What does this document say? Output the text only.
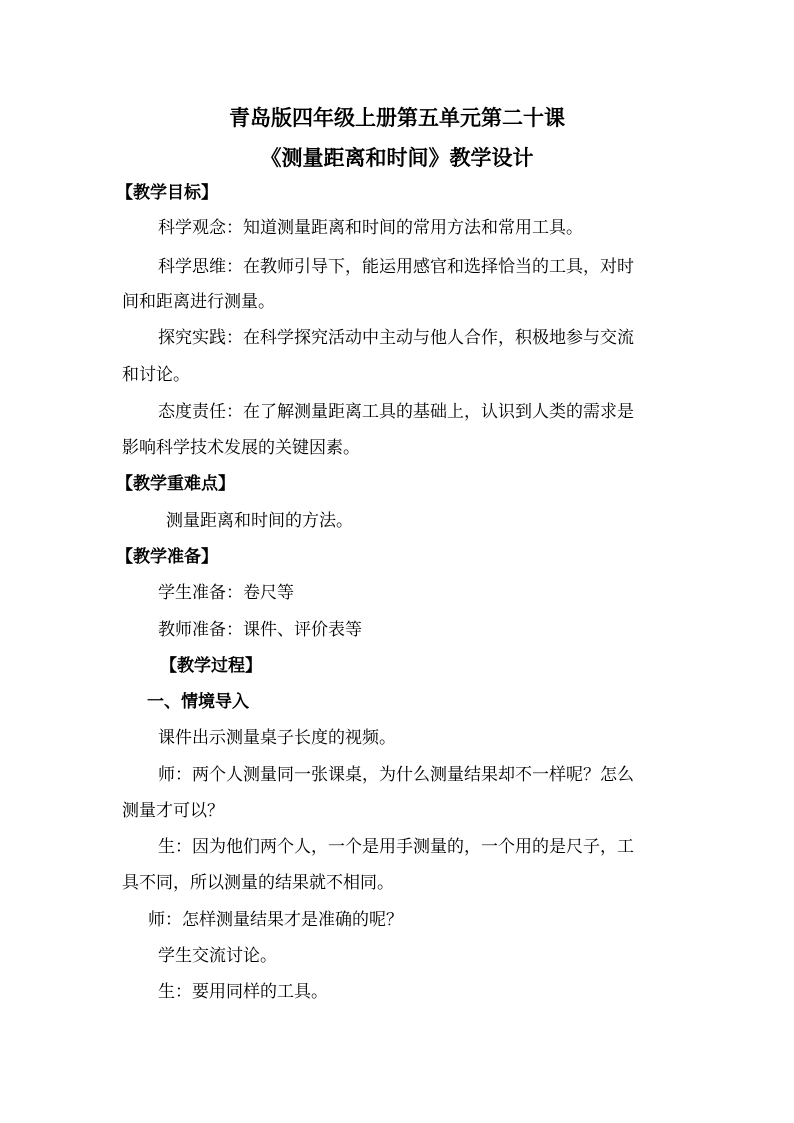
青岛版四年级上册第五单元第二十课
《测量距离和时间》教学设计
【教学目标】
科学观念：知道测量距离和时间的常用方法和常用工具。
科学思维：在教师引导下，能运用感官和选择恰当的工具，对时
间和距离进行测量。
探究实践：在科学探究活动中主动与他人合作，积极地参与交流
和讨论。
态度责任：在了解测量距离工具的基础上，认识到人类的需求是
影响科学技术发展的关键因素。
【教学重难点】
测量距离和时间的方法。
【教学准备】
学生准备：卷尺等
教师准备：课件、评价表等
【教学过程】
一、情境导入
课件出示测量桌子长度的视频。
师：两个人测量同一张课桌，为什么测量结果却不一样呢？怎么
测量才可以？
生：因为他们两个人，一个是用手测量的，一个用的是尺子，工
具不同，所以测量的结果就不相同。
师：怎样测量结果才是准确的呢？
学生交流讨论。
生：要用同样的工具。
